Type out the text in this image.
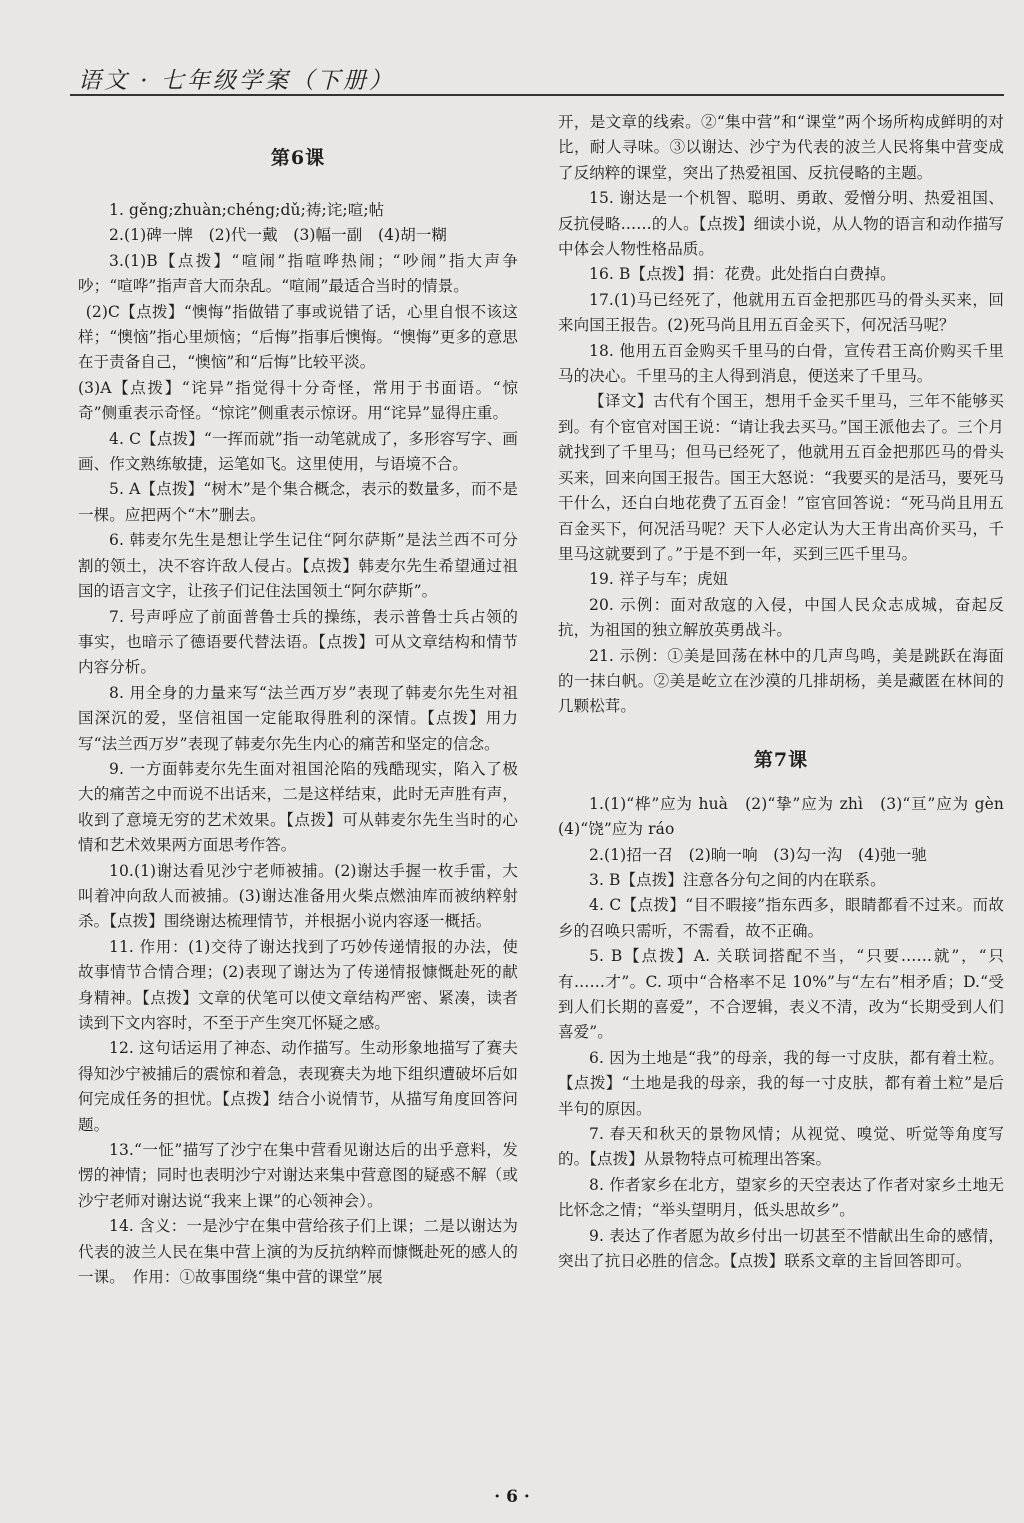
语文 · 七年级学案（下册）
第6课

1. gěng;zhuàn;chéng;dǔ;祷;诧;喧;帖

2.(1)碑一牌　(2)代一戴　(3)幅一副　(4)胡一糊

3.(1)B【点拨】“喧闹”指喧哗热闹；“吵闹”指大声争吵；“喧哗”指声音大而杂乱。“喧闹”最适合当时的情景。

(2)C【点拨】“懊悔”指做错了事或说错了话，心里自恨不该这样；“懊恼”指心里烦恼；“后悔”指事后懊悔。“懊悔”更多的意思在于责备自己，“懊恼”和“后悔”比较平淡。

(3)A【点拨】“诧异”指觉得十分奇怪，常用于书面语。“惊奇”侧重表示奇怪。“惊诧”侧重表示惊讶。用“诧异”显得庄重。

4. C【点拨】“一挥而就”指一动笔就成了，多形容写字、画画、作文熟练敏捷，运笔如飞。这里使用，与语境不合。

5. A【点拨】“树木”是个集合概念，表示的数量多，而不是一棵。应把两个“木”删去。

6. 韩麦尔先生是想让学生记住“阿尔萨斯”是法兰西不可分割的领土，决不容许敌人侵占。【点拨】韩麦尔先生希望通过祖国的语言文字，让孩子们记住法国领土“阿尔萨斯”。

7. 号声呼应了前面普鲁士兵的操练，表示普鲁士兵占领的事实，也暗示了德语要代替法语。【点拨】可从文章结构和情节内容分析。

8. 用全身的力量来写“法兰西万岁”表现了韩麦尔先生对祖国深沉的爱，坚信祖国一定能取得胜利的深情。【点拨】用力写“法兰西万岁”表现了韩麦尔先生内心的痛苦和坚定的信念。

9. 一方面韩麦尔先生面对祖国沦陷的残酷现实，陷入了极大的痛苦之中而说不出话来，二是这样结束，此时无声胜有声，收到了意境无穷的艺术效果。【点拨】可从韩麦尔先生当时的心情和艺术效果两方面思考作答。

10.(1)谢达看见沙宁老师被捕。(2)谢达手握一枚手雷，大叫着冲向敌人而被捕。(3)谢达准备用火柴点燃油库而被纳粹射杀。【点拨】围绕谢达梳理情节，并根据小说内容逐一概括。

11. 作用：(1)交待了谢达找到了巧妙传递情报的办法，使故事情节合情合理；(2)表现了谢达为了传递情报慷慨赴死的献身精神。【点拨】文章的伏笔可以使文章结构严密、紧凑，读者读到下文内容时，不至于产生突兀怀疑之感。

12. 这句话运用了神态、动作描写。生动形象地描写了赛夫得知沙宁被捕后的震惊和着急，表现赛夫为地下组织遭破坏后如何完成任务的担忧。【点拨】结合小说情节，从描写角度回答问题。

13.“一怔”描写了沙宁在集中营看见谢达后的出乎意料，发愣的神情；同时也表明沙宁对谢达来集中营意图的疑惑不解（或沙宁老师对谢达说“我来上课”的心领神会）。

14. 含义：一是沙宁在集中营给孩子们上课；二是以谢达为代表的波兰人民在集中营上演的为反抗纳粹而慷慨赴死的感人的一课。　作用：①故事围绕“集中营的课堂”展

开，是文章的线索。②“集中营”和“课堂”两个场所构成鲜明的对比，耐人寻味。③以谢达、沙宁为代表的波兰人民将集中营变成了反纳粹的课堂，突出了热爱祖国、反抗侵略的主题。

15. 谢达是一个机智、聪明、勇敢、爱憎分明、热爱祖国、反抗侵略……的人。【点拨】细读小说，从人物的语言和动作描写中体会人物性格品质。

16. B【点拨】捐：花费。此处指白白费掉。

17.(1)马已经死了，他就用五百金把那匹马的骨头买来，回来向国王报告。(2)死马尚且用五百金买下，何况活马呢？

18. 他用五百金购买千里马的白骨，宣传君王高价购买千里马的决心。千里马的主人得到消息，便送来了千里马。

【译文】古代有个国王，想用千金买千里马，三年不能够买到。有个宦官对国王说：“请让我去买马。”国王派他去了。三个月就找到了千里马；但马已经死了，他就用五百金把那匹马的骨头买来，回来向国王报告。国王大怒说：“我要买的是活马，要死马干什么，还白白地花费了五百金！”宦官回答说：“死马尚且用五百金买下，何况活马呢？天下人必定认为大王肯出高价买马，千里马这就要到了。”于是不到一年，买到三匹千里马。

19. 祥子与车；虎妞

20. 示例：面对敌寇的入侵，中国人民众志成城，奋起反抗，为祖国的独立解放英勇战斗。

21. 示例：①美是回荡在林中的几声鸟鸣，美是跳跃在海面的一抹白帆。②美是屹立在沙漠的几排胡杨，美是藏匿在林间的几颗松茸。

第7课

1.(1)“桦”应为 huà　(2)“挚”应为 zhì　(3)“亘”应为 gèn　(4)“饶”应为 ráo

2.(1)招一召　(2)晌一响　(3)勾一沟　(4)弛一驰

3. B【点拨】注意各分句之间的内在联系。

4. C【点拨】“目不暇接”指东西多，眼睛都看不过来。而故乡的召唤只需听，不需看，故不正确。

5. B【点拨】A. 关联词搭配不当，“只要……就”，“只有……才”。C. 项中“合格率不足 10%”与“左右”相矛盾；D.“受到人们长期的喜爱”，不合逻辑，表义不清，改为“长期受到人们喜爱”。

6. 因为土地是“我”的母亲，我的每一寸皮肤，都有着土粒。【点拨】“土地是我的母亲，我的每一寸皮肤，都有着土粒”是后半句的原因。

7. 春天和秋天的景物风情；从视觉、嗅觉、听觉等角度写的。【点拨】从景物特点可梳理出答案。

8. 作者家乡在北方，望家乡的天空表达了作者对家乡土地无比怀念之情；“举头望明月，低头思故乡”。

9. 表达了作者愿为故乡付出一切甚至不惜献出生命的感情，突出了抗日必胜的信念。【点拨】联系文章的主旨回答即可。

· 6 ·
